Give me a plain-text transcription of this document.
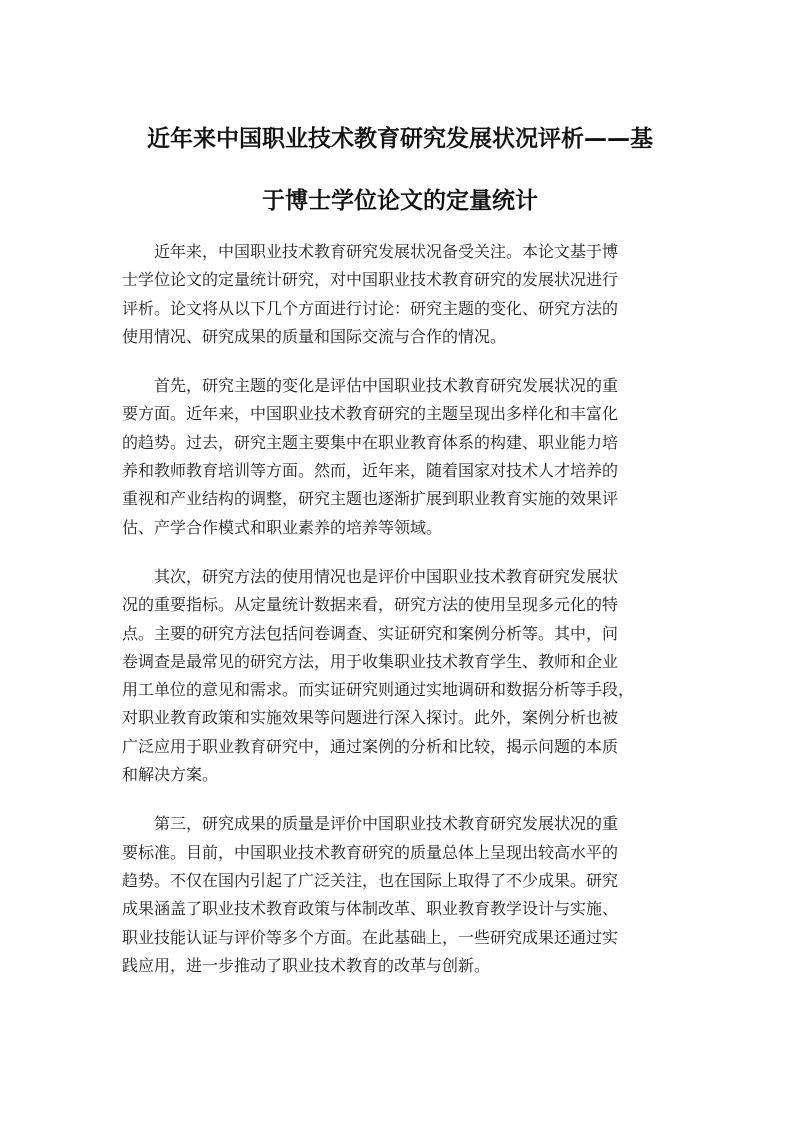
近年来中国职业技术教育研究发展状况评析——基
于博士学位论文的定量统计

　　近年来，中国职业技术教育研究发展状况备受关注。本论文基于博
士学位论文的定量统计研究，对中国职业技术教育研究的发展状况进行
评析。论文将从以下几个方面进行讨论：研究主题的变化、研究方法的
使用情况、研究成果的质量和国际交流与合作的情况。

　　首先，研究主题的变化是评估中国职业技术教育研究发展状况的重
要方面。近年来，中国职业技术教育研究的主题呈现出多样化和丰富化
的趋势。过去，研究主题主要集中在职业教育体系的构建、职业能力培
养和教师教育培训等方面。然而，近年来，随着国家对技术人才培养的
重视和产业结构的调整，研究主题也逐渐扩展到职业教育实施的效果评
估、产学合作模式和职业素养的培养等领域。

　　其次，研究方法的使用情况也是评价中国职业技术教育研究发展状
况的重要指标。从定量统计数据来看，研究方法的使用呈现多元化的特
点。主要的研究方法包括问卷调查、实证研究和案例分析等。其中，问
卷调查是最常见的研究方法，用于收集职业技术教育学生、教师和企业
用工单位的意见和需求。而实证研究则通过实地调研和数据分析等手段，
对职业教育政策和实施效果等问题进行深入探讨。此外，案例分析也被
广泛应用于职业教育研究中，通过案例的分析和比较，揭示问题的本质
和解决方案。

　　第三，研究成果的质量是评价中国职业技术教育研究发展状况的重
要标准。目前，中国职业技术教育研究的质量总体上呈现出较高水平的
趋势。不仅在国内引起了广泛关注，也在国际上取得了不少成果。研究
成果涵盖了职业技术教育政策与体制改革、职业教育教学设计与实施、
职业技能认证与评价等多个方面。在此基础上，一些研究成果还通过实
践应用，进一步推动了职业技术教育的改革与创新。
